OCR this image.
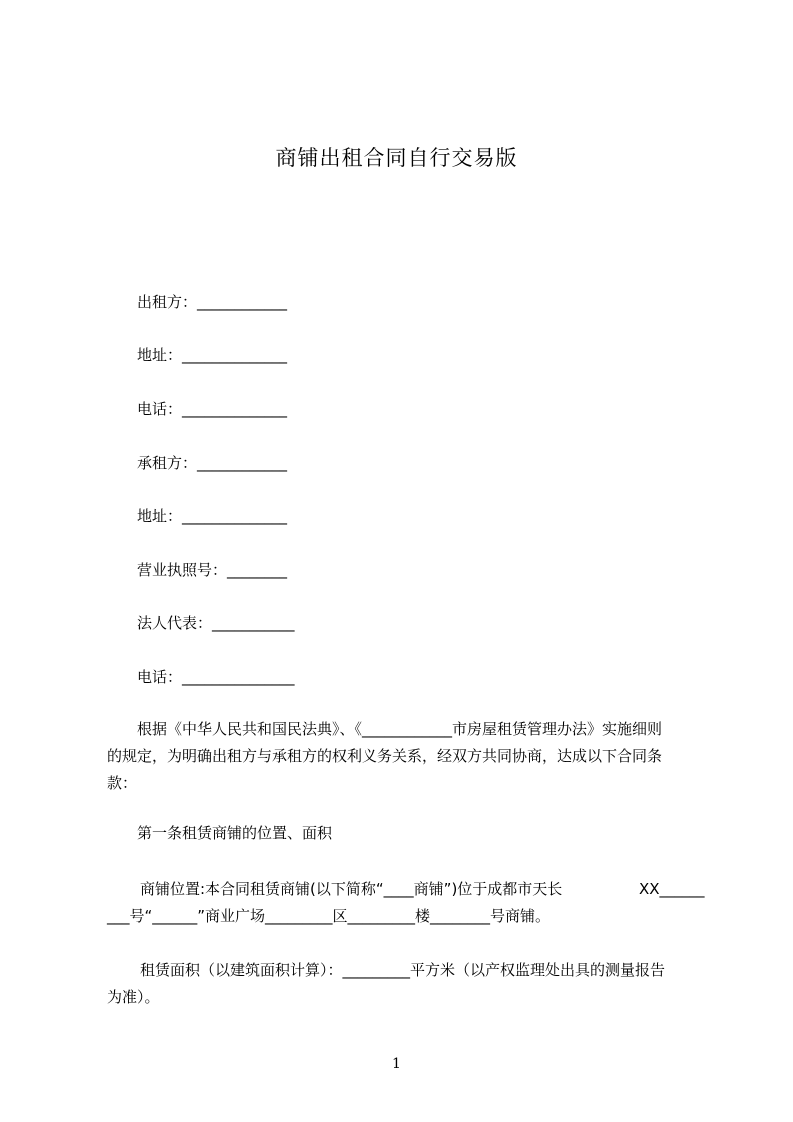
商铺出租合同自行交易版
出租方：____________
地址：______________
电话：______________
承租方：____________
地址：______________
营业执照号：________
法人代表：___________
电话：_______________
根据《中华人民共和国民法典》、《____________市房屋租赁管理办法》实施细则
的规定，为明确出租方与承租方的权利义务关系，经双方共同协商，达成以下合同条
款：
第一条租赁商铺的位置、面积
商铺位置:本合同租赁商铺(以下简称“____商铺”)位于成都市天长	XX______
___号“______”商业广场_________区_________楼________号商铺。
租赁面积（以建筑面积计算）：_________平方米（以产权监理处出具的测量报告
为准）。
1
